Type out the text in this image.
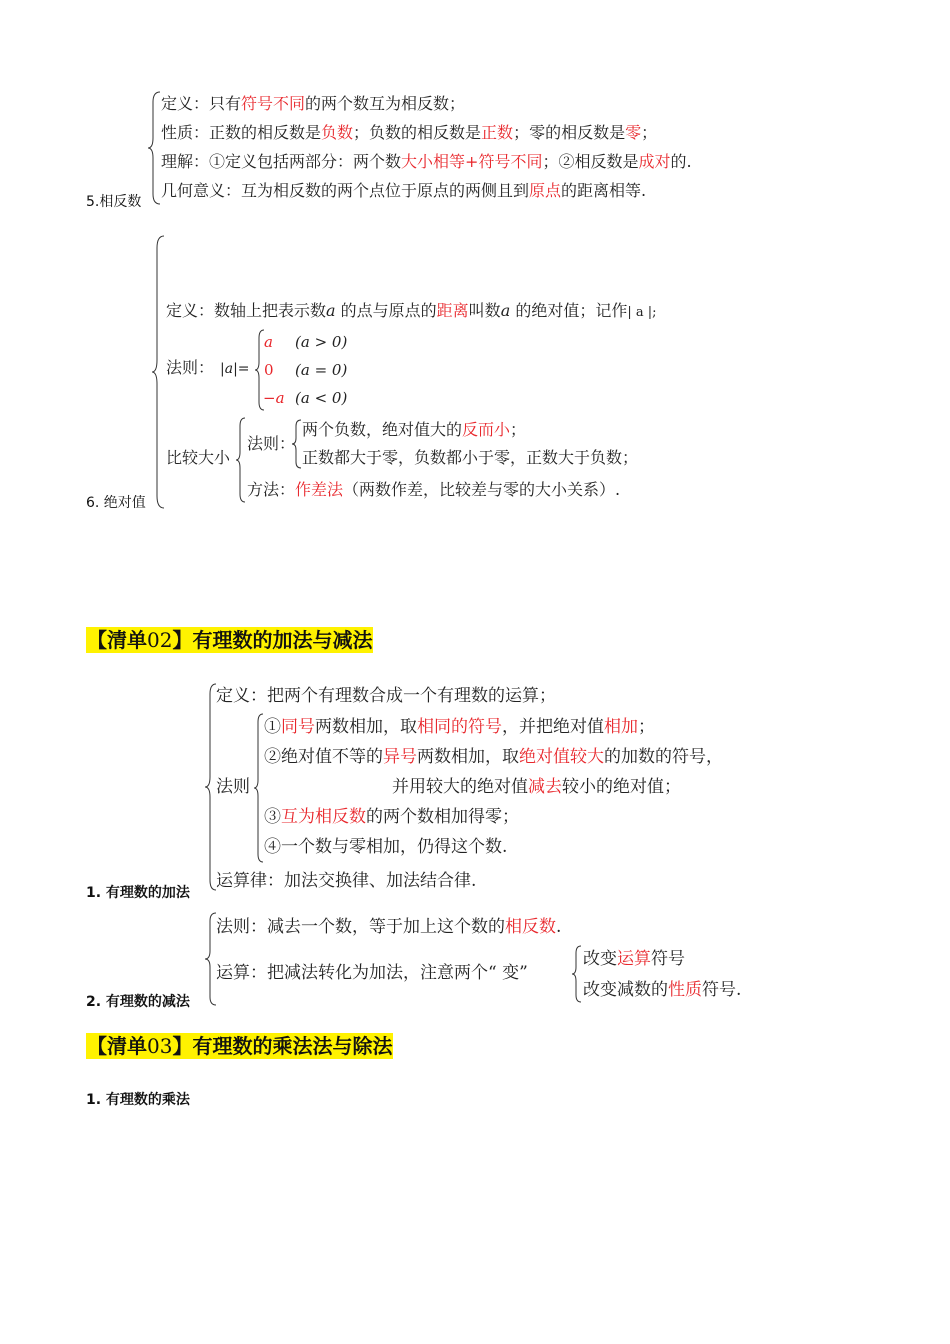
定义：只有符号不同的两个数互为相反数；
性质：正数的相反数是负数；负数的相反数是正数；零的相反数是零；
理解：①定义包括两部分：两个数大小相等+符号不同；②相反数是成对的.
几何意义：互为相反数的两个点位于原点的两侧且到原点的距离相等.
5.相反数
定义：数轴上把表示数a 的点与原点的距离叫数a 的绝对值；记作| a |;
法则： |a|=
a (a > 0)
0 (a = 0)
−a (a < 0)
比较大小
法则：
两个负数，绝对值大的反而小；
正数都大于零，负数都小于零，正数大于负数；
方法：作差法（两数作差，比较差与零的大小关系）.
6. 绝对值
【清单02】有理数的加法与减法
定义：把两个有理数合成一个有理数的运算；
法则
①同号两数相加，取相同的符号，并把绝对值相加；
②绝对值不等的异号两数相加，取绝对值较大的加数的符号，
并用较大的绝对值减去较小的绝对值；
③互为相反数的两个数相加得零；
④一个数与零相加，仍得这个数.
运算律：加法交换律、加法结合律.
1. 有理数的加法
法则：减去一个数，等于加上这个数的相反数.
运算：把减法转化为加法，注意两个“ 变”
改变运算符号
改变减数的性质符号.
2. 有理数的减法
【清单03】有理数的乘法法与除法
1. 有理数的乘法
